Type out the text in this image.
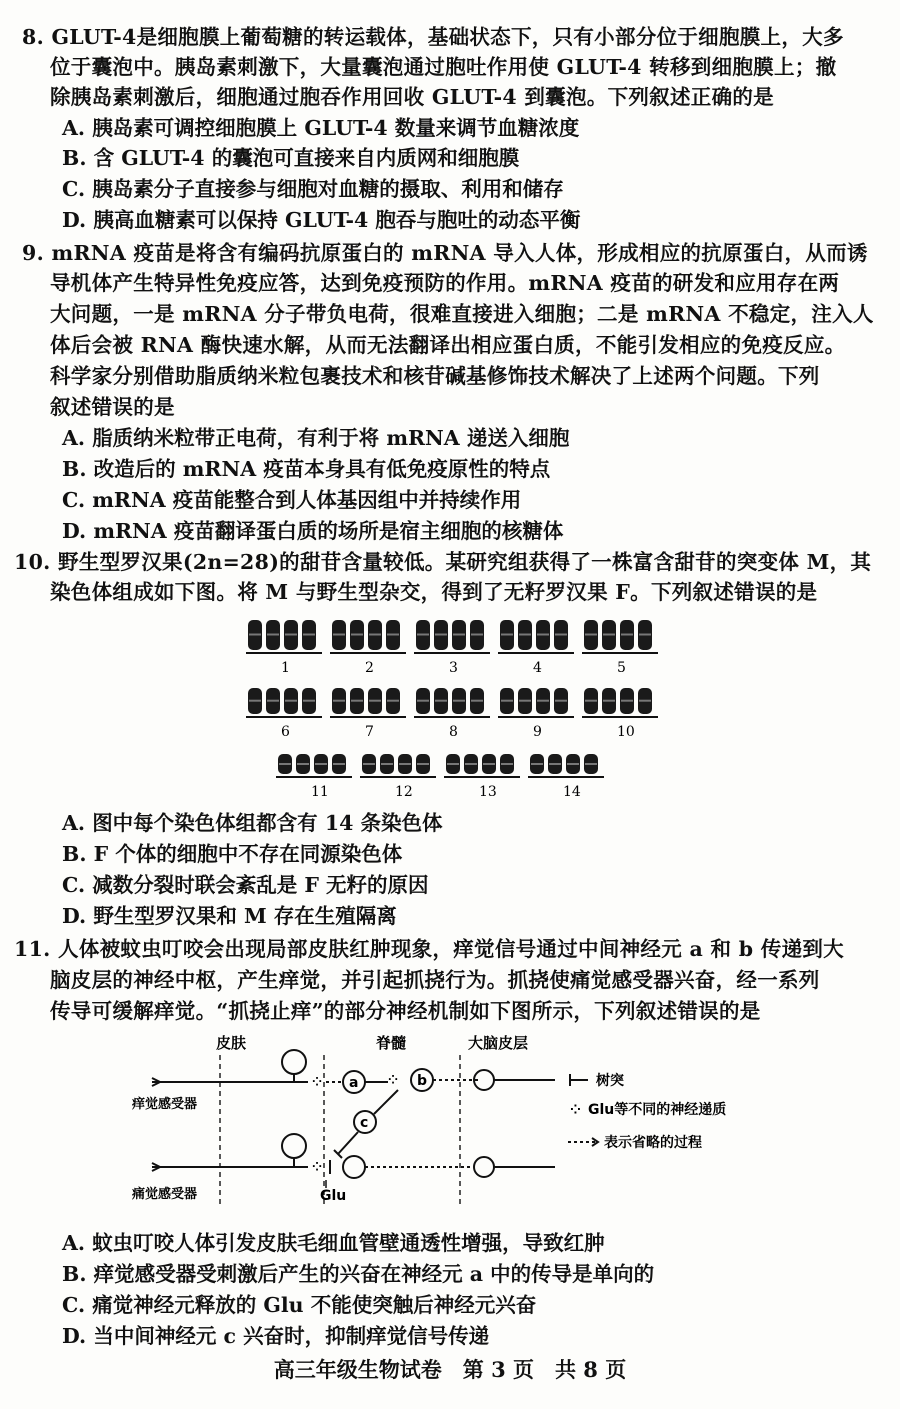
8. GLUT-4是细胞膜上葡萄糖的转运载体，基础状态下，只有小部分位于细胞膜上，大多
位于囊泡中。胰岛素刺激下，大量囊泡通过胞吐作用使 GLUT-4 转移到细胞膜上；撤
除胰岛素刺激后，细胞通过胞吞作用回收 GLUT-4 到囊泡。下列叙述正确的是
A. 胰岛素可调控细胞膜上 GLUT-4 数量来调节血糖浓度
B. 含 GLUT-4 的囊泡可直接来自内质网和细胞膜
C. 胰岛素分子直接参与细胞对血糖的摄取、利用和储存
D. 胰高血糖素可以保持 GLUT-4 胞吞与胞吐的动态平衡
9. mRNA 疫苗是将含有编码抗原蛋白的 mRNA 导入人体，形成相应的抗原蛋白，从而诱
导机体产生特异性免疫应答，达到免疫预防的作用。mRNA 疫苗的研发和应用存在两
大问题，一是 mRNA 分子带负电荷，很难直接进入细胞；二是 mRNA 不稳定，注入人
体后会被 RNA 酶快速水解，从而无法翻译出相应蛋白质，不能引发相应的免疫反应。
科学家分别借助脂质纳米粒包裹技术和核苷碱基修饰技术解决了上述两个问题。下列
叙述错误的是
A. 脂质纳米粒带正电荷，有利于将 mRNA 递送入细胞
B. 改造后的 mRNA 疫苗本身具有低免疫原性的特点
C. mRNA 疫苗能整合到人体基因组中并持续作用
D. mRNA 疫苗翻译蛋白质的场所是宿主细胞的核糖体
10. 野生型罗汉果(2n=28)的甜苷含量较低。某研究组获得了一株富含甜苷的突变体 M，其
染色体组成如下图。将 M 与野生型杂交，得到了无籽罗汉果 F。下列叙述错误的是
1	2	3	4	5
6	7	8	9	10
11	12	13	14
A. 图中每个染色体组都含有 14 条染色体
B. F 个体的细胞中不存在同源染色体
C. 减数分裂时联会紊乱是 F 无籽的原因
D. 野生型罗汉果和 M 存在生殖隔离
11. 人体被蚊虫叮咬会出现局部皮肤红肿现象，痒觉信号通过中间神经元 a 和 b 传递到大
脑皮层的神经中枢，产生痒觉，并引起抓挠行为。抓挠使痛觉感受器兴奋，经一系列
传导可缓解痒觉。“抓挠止痒”的部分神经机制如下图所示，下列叙述错误的是
皮肤	脊髓	大脑皮层
痒觉感受器
⁘ a ⁘ b
c
痛觉感受器
⁘
Glu
树突
⁘ Glu等不同的神经递质
表示省略的过程
A. 蚊虫叮咬人体引发皮肤毛细血管壁通透性增强，导致红肿
B. 痒觉感受器受刺激后产生的兴奋在神经元 a 中的传导是单向的
C. 痛觉神经元释放的 Glu 不能使突触后神经元兴奋
D. 当中间神经元 c 兴奋时，抑制痒觉信号传递
高三年级生物试卷　第 3 页　共 8 页
